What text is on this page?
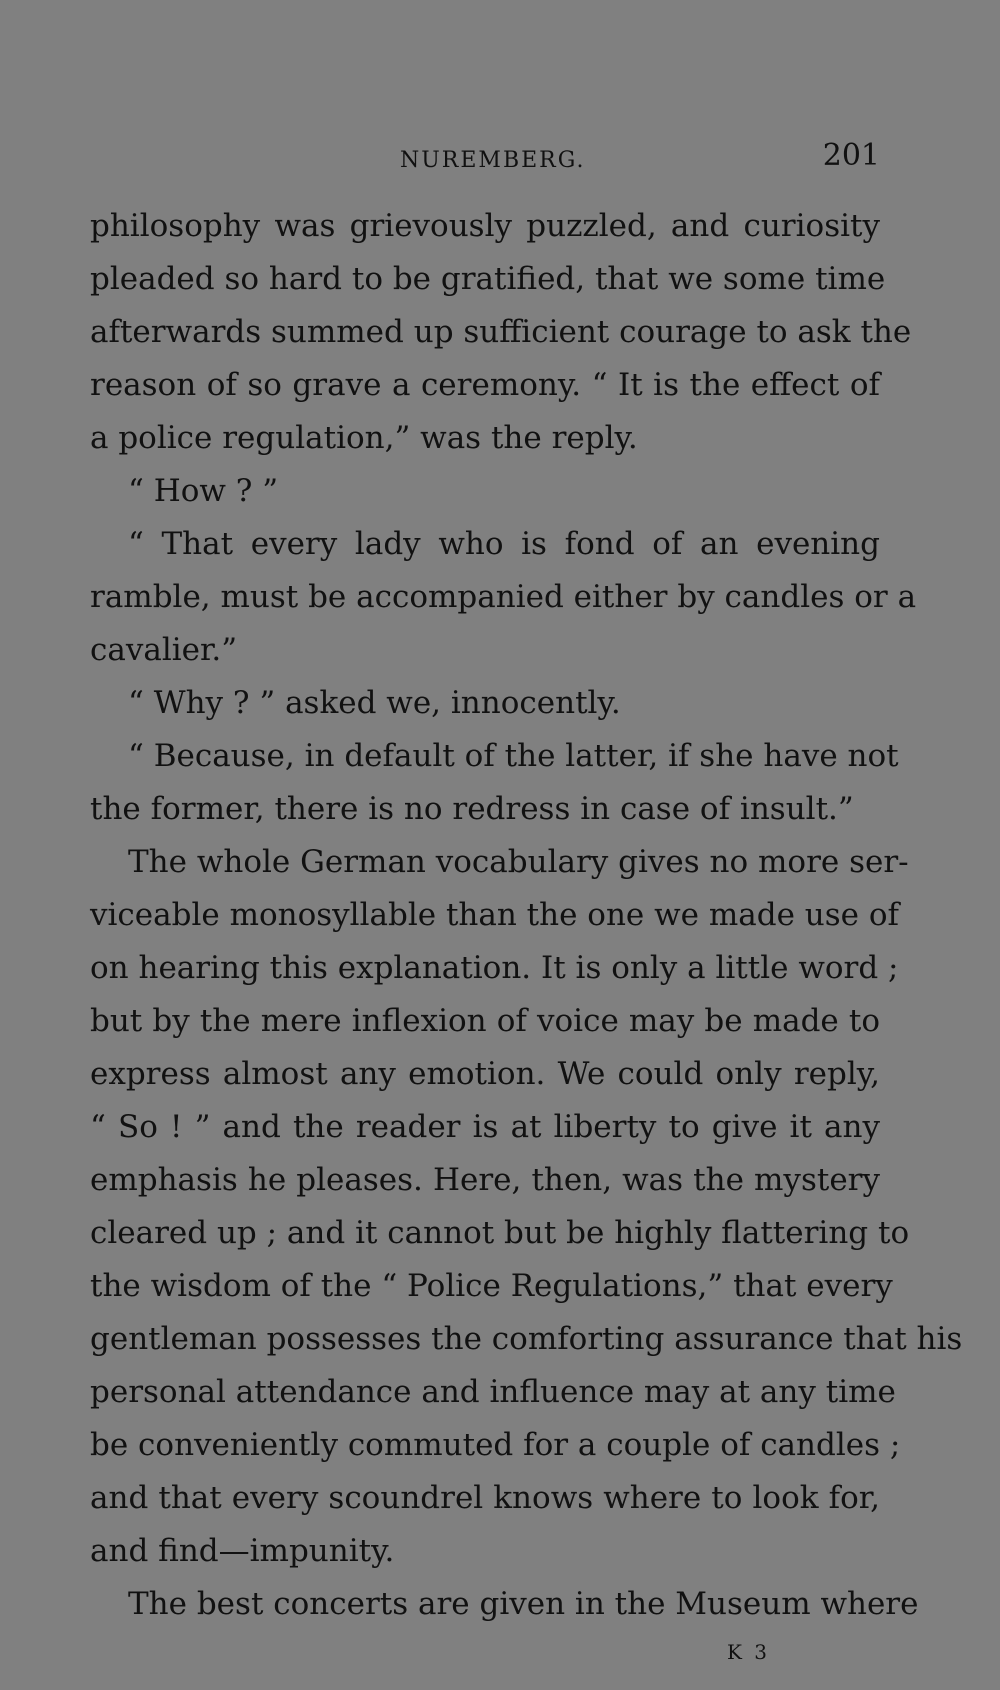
NUREMBERG.	201
philosophy was grievously puzzled, and curiosity
pleaded so hard to be gratified, that we some time
afterwards summed up sufficient courage to ask the
reason of so grave a ceremony. “ It is the effect of
a police regulation,” was the reply.
“ How ? ”
“ That every lady who is fond of an evening
ramble, must be accompanied either by candles or a
cavalier.”
“ Why ? ” asked we, innocently.
“ Because, in default of the latter, if she have not
the former, there is no redress in case of insult.”
The whole German vocabulary gives no more ser-
viceable monosyllable than the one we made use of
on hearing this explanation. It is only a little word ;
but by the mere inflexion of voice may be made to
express almost any emotion. We could only reply,
“ So ! ” and the reader is at liberty to give it any
emphasis he pleases. Here, then, was the mystery
cleared up ; and it cannot but be highly flattering to
the wisdom of the “ Police Regulations,” that every
gentleman possesses the comforting assurance that his
personal attendance and influence may at any time
be conveniently commuted for a couple of candles ;
and that every scoundrel knows where to look for,
and find—impunity.
The best concerts are given in the Museum where
K 3
